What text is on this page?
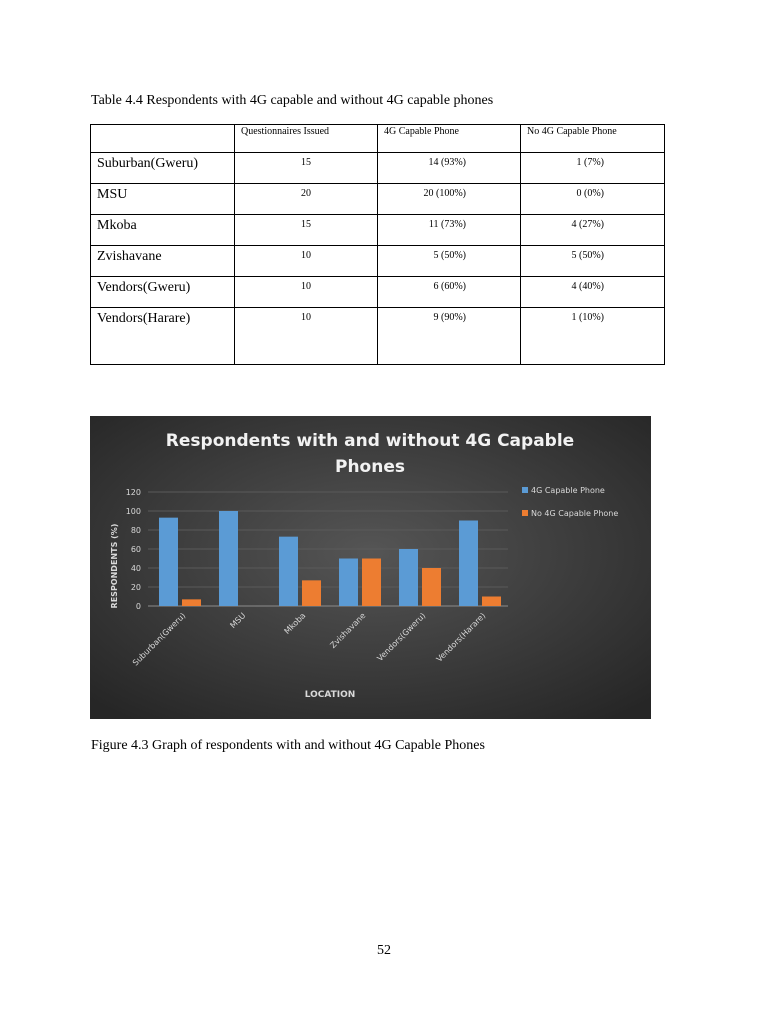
Table 4.4 Respondents with 4G capable and without 4G capable phones
	Questionnaires Issued	4G Capable Phone	No 4G Capable Phone
Suburban(Gweru)	15	14 (93%)	1 (7%)
MSU	20	20 (100%)	0 (0%)
Mkoba	15	11 (73%)	4 (27%)
Zvishavane	10	5 (50%)	5 (50%)
Vendors(Gweru)	10	6 (60%)	4 (40%)
Vendors(Harare)	10	9 (90%)	1 (10%)
Respondents with and without 4G Capable Phones
0
20
40
60
80
100
120
Suburban(Gweru)	MSU	Mkoba	Zvishavane Vendors(Gweru) Vendors(Harare)
4G Capable Phone
No 4G Capable Phone
RESPONDENTS (%)
LOCATION
Figure 4.3 Graph of respondents with and without 4G Capable Phones
52
